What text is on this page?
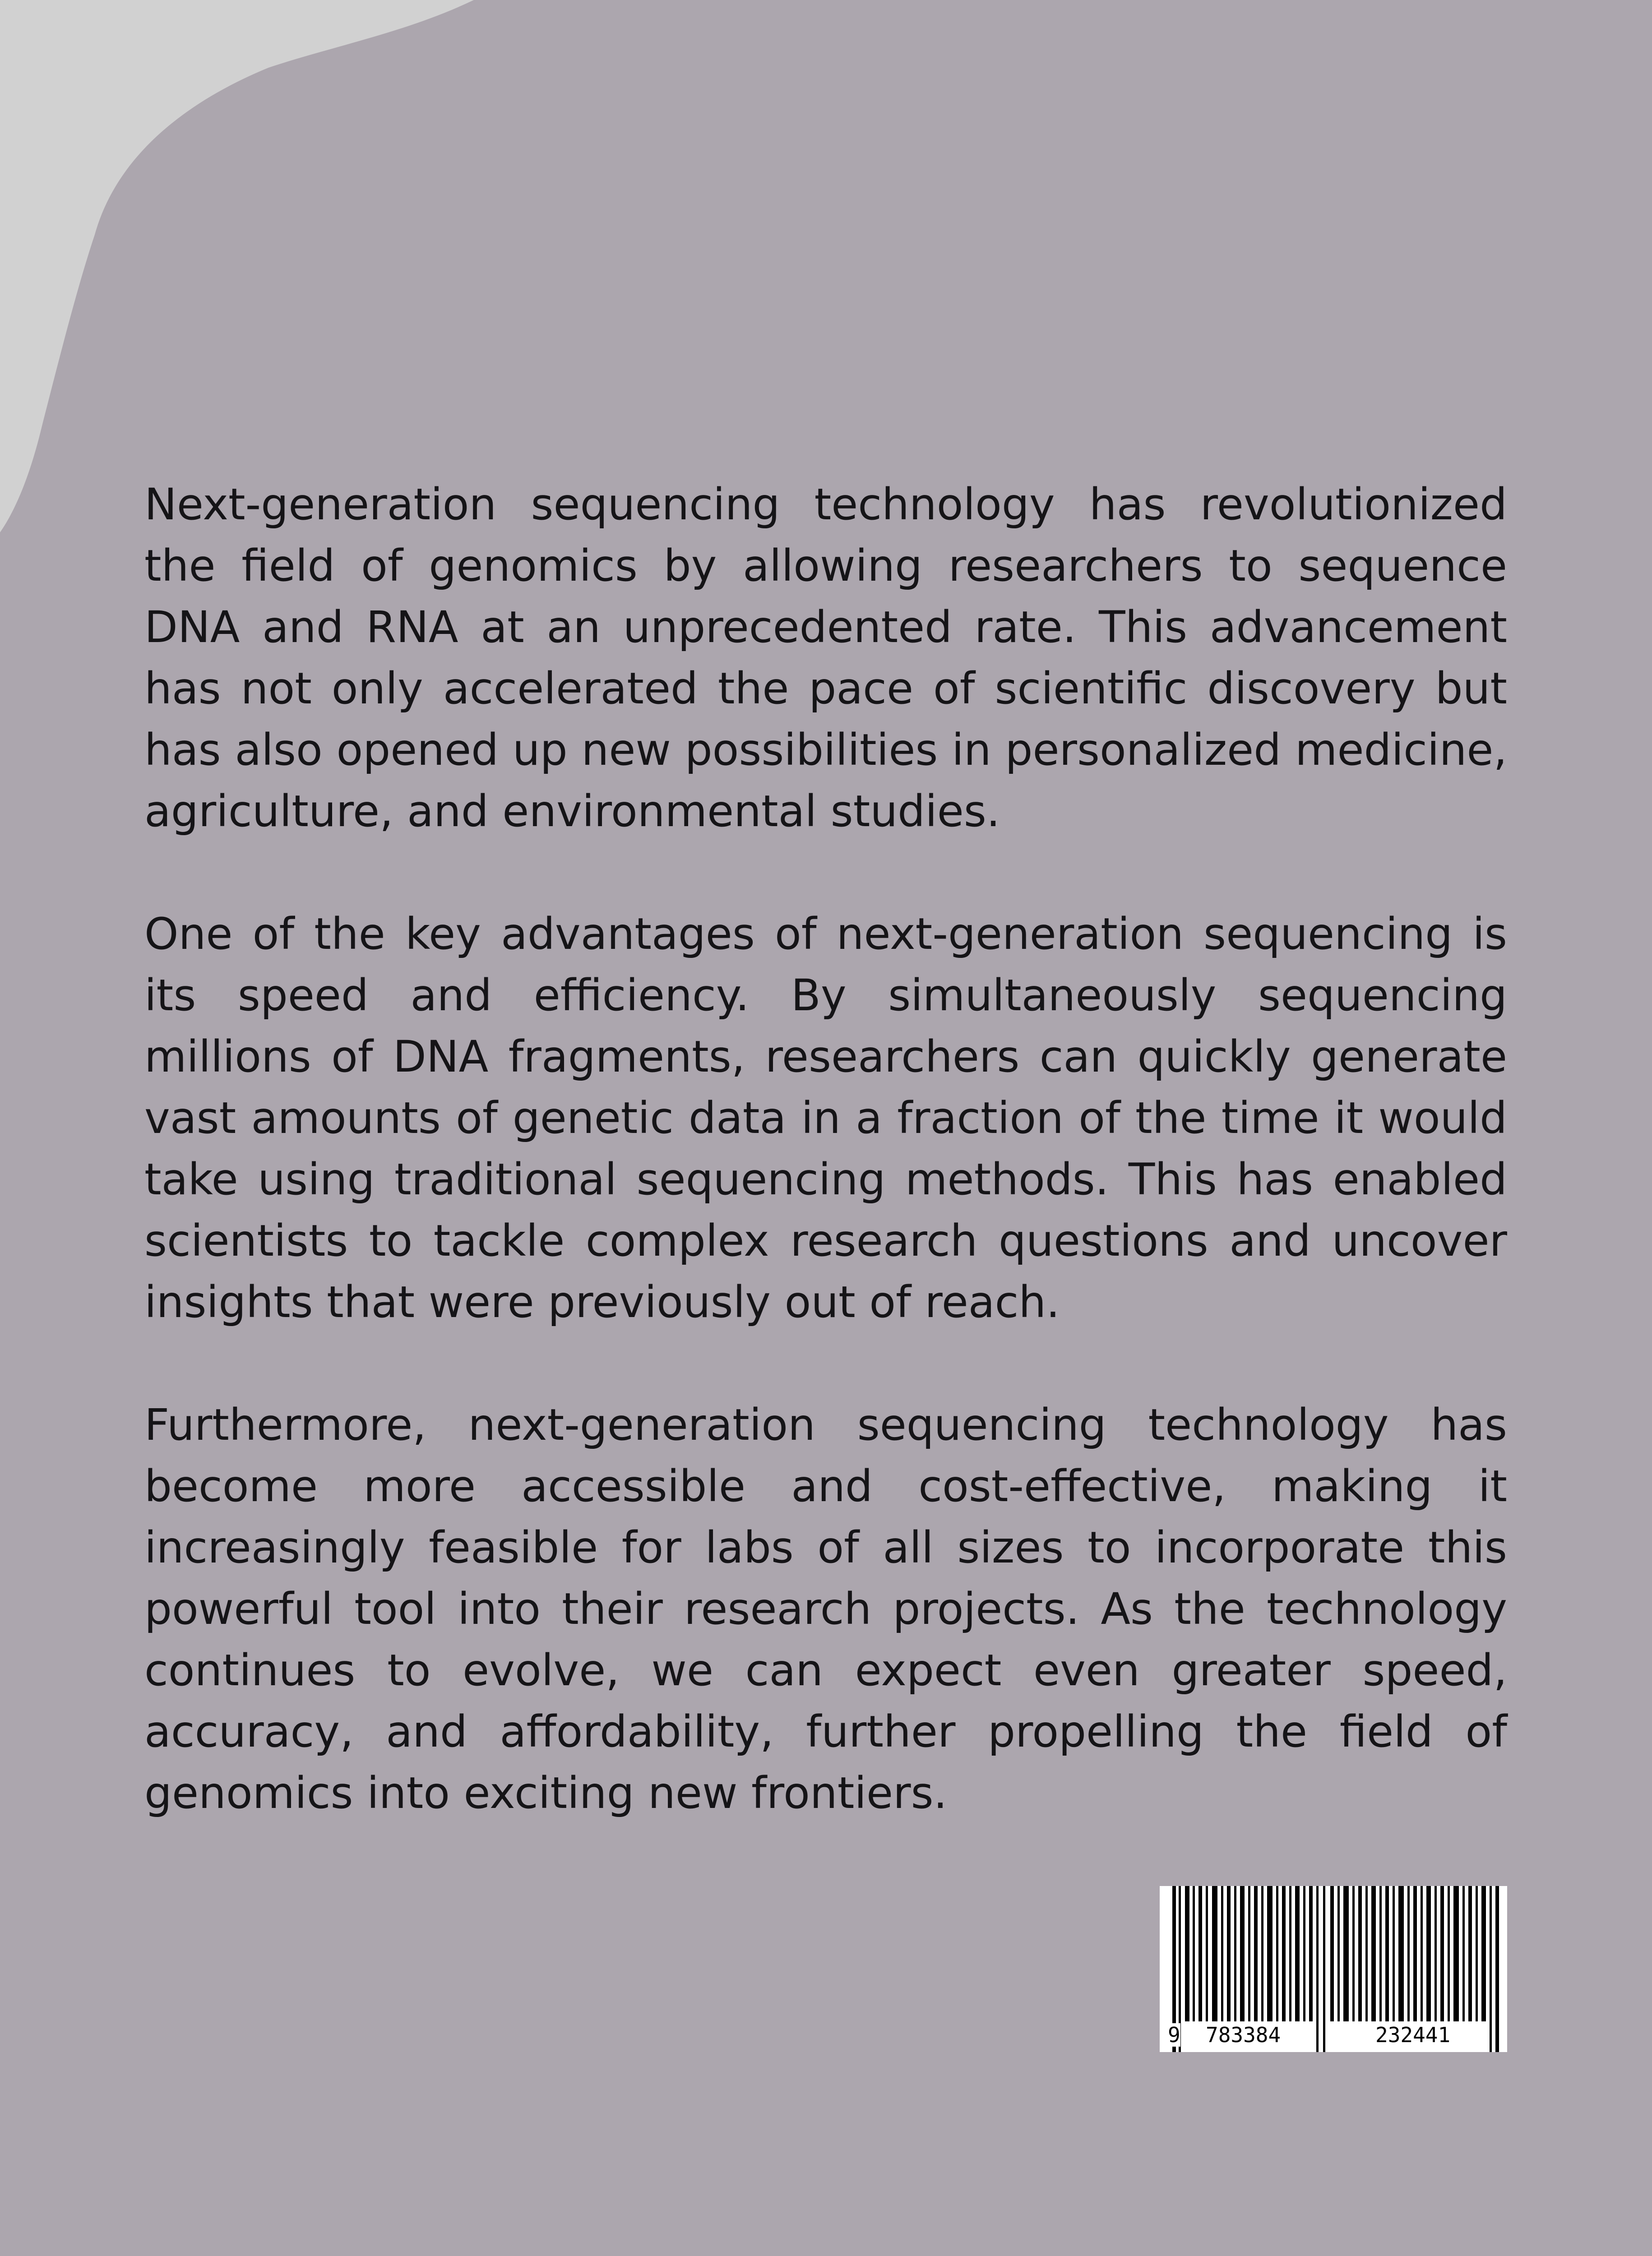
Next-generation sequencing technology has revolutionized the field of genomics by allowing researchers to sequence DNA and RNA at an unprecedented rate. This advancement has not only accelerated the pace of scientific discovery but has also opened up new possibilities in personalized medicine, agriculture, and environmental studies.

One of the key advantages of next-generation sequencing is its speed and efficiency. By simultaneously sequencing millions of DNA fragments, researchers can quickly generate vast amounts of genetic data in a fraction of the time it would take using traditional sequencing methods. This has enabled scientists to tackle complex research questions and uncover insights that were previously out of reach.

Furthermore, next-generation sequencing technology has become more accessible and cost-effective, making it increasingly feasible for labs of all sizes to incorporate this powerful tool into their research projects. As the technology continues to evolve, we can expect even greater speed, accuracy, and affordability, further propelling the field of genomics into exciting new frontiers.

9 783384	232441
